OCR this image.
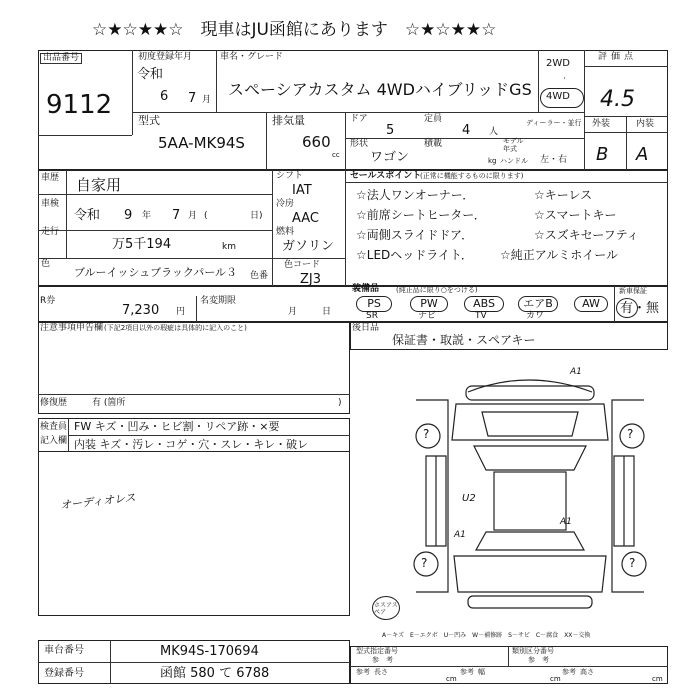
☆★☆★★☆　現車はJU函館にあります　☆★☆★★☆
出品番号
9112
初度登録年月
令和
6 7 月
車名・グレード
スペーシアカスタム 4WDハイブリッドGS
2WD
·
4WD
評価点
4.5
外装	内装
B A
型式
5AA-MK94S
排気量
660
cc
ドア
5
定員
4 人
ディーラー・並行
形状
ワゴン
積載
kg
モデル
年式
ハンドル 左・右
車歴 自家用
車検
令和 9 年 7 月 (	日)
走行
万5千194	km
シフト
IAT
冷房
AAC
燃料
ガソリン
色
ブルーイッシュブラックパール３	色番
色コード
ZJ3
セールスポイント
(正常に機能するものに限ります)
☆法人ワンオーナー．	☆キーレス
☆前席シートヒーター．	☆スマートキー
☆両側スライドドア．	☆スズキセーフティ
☆LEDヘッドライト． ☆純正アルミホイール
R券
7,230 円
名変期限
月	日
装備品 (純正品に限り○をつける)
PS
SR
PW
ナビ
ABS
TV
エアB
カワ
AW
新車保証
有・無
注意事項申告欄 (下記2項目以外の瑕疵は具体的に記入のこと)
修復歴	有 (箇所	)
後日品
保証書・取説・スペアキー
検査員
記入欄
FW キズ・凹み・ヒビ割・リペア跡・×要
内装 キズ・汚レ・コゲ・穴・スレ・キレ・破レ
オーディオレス
?	?
?	?
A1
A1
U2
A1
ホスアスペア
A－キズ　E－エクボ　U－凹み　W－補修跡　S－サビ　C－腐食　XX－交換
車台番号	MK94S-170694
登録番号	函館 580 て 6788
型式指定番号
参　考
類別区分番号
参　考
参考 長さ
cm
参考 幅
cm
参考 高さ
cm
